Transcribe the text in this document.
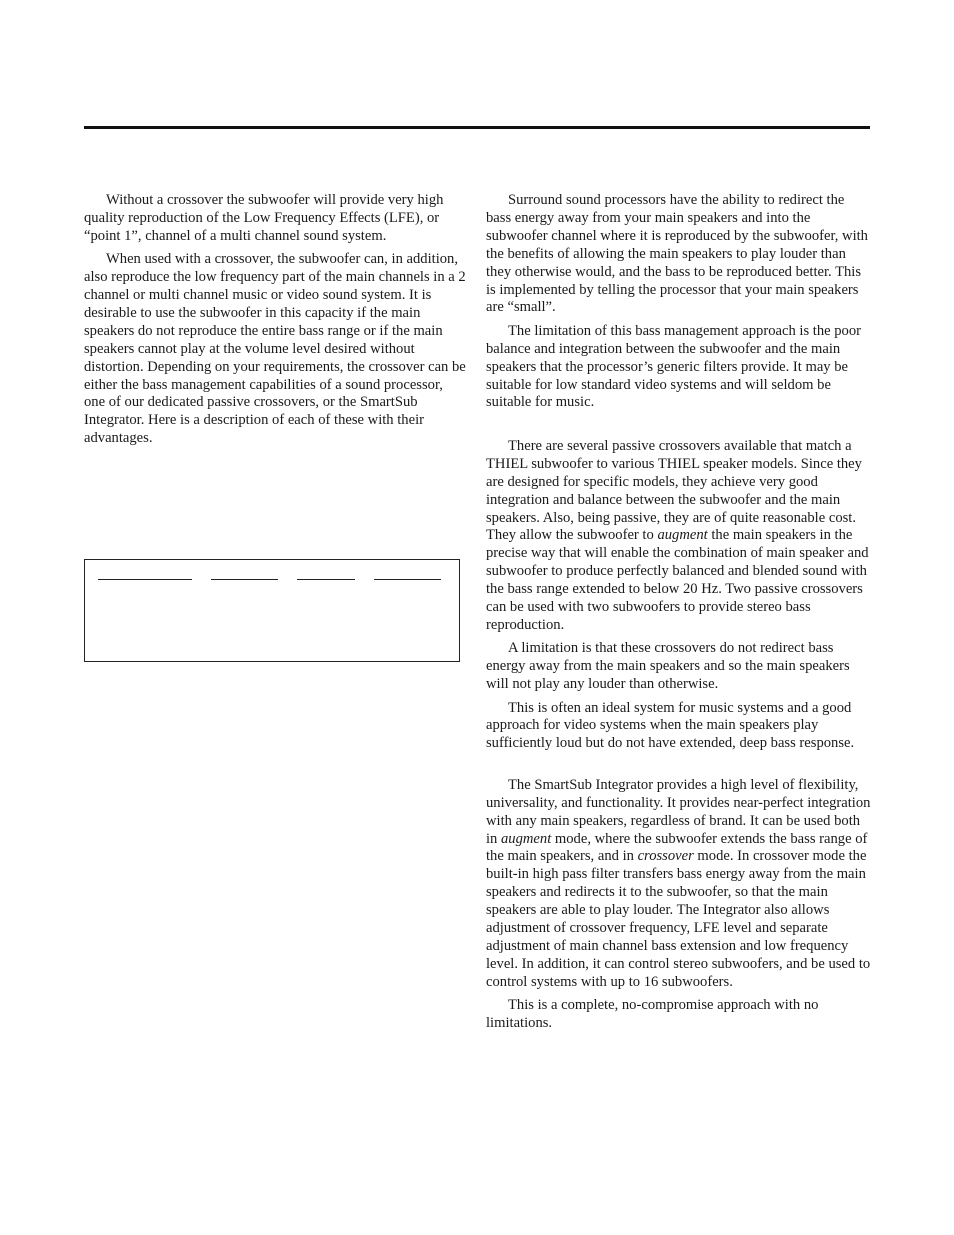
Without a crossover the subwoofer will provide very high quality reproduction of the Low Frequency Effects (LFE), or “point 1”, channel of a multi channel sound system.

When used with a crossover, the subwoofer can, in addition, also reproduce the low frequency part of the main channels in a 2 channel or multi channel music or video sound system. It is desirable to use the subwoofer in this capacity if the main speakers do not reproduce the entire bass range or if the main speakers cannot play at the volume level desired without distortion. Depending on your requirements, the crossover can be either the bass management capabilities of a sound processor, one of our dedicated passive crossovers, or the SmartSub Integrator. Here is a description of each of these with their advantages.

Surround sound processors have the ability to redirect the bass energy away from your main speakers and into the subwoofer channel where it is reproduced by the subwoofer, with the benefits of allowing the main speakers to play louder than they otherwise would, and the bass to be reproduced better. This is implemented by telling the processor that your main speakers are “small”.

The limitation of this bass management approach is the poor balance and integration between the subwoofer and the main speakers that the processor’s generic filters provide. It may be suitable for low standard video systems and will seldom be suitable for music.

There are several passive crossovers available that match a THIEL subwoofer to various THIEL speaker models. Since they are designed for specific models, they achieve very good integration and balance between the subwoofer and the main speakers. Also, being passive, they are of quite reasonable cost. They allow the subwoofer to augment the main speakers in the precise way that will enable the combination of main speaker and subwoofer to produce perfectly balanced and blended sound with the bass range extended to below 20 Hz. Two passive crossovers can be used with two subwoofers to provide stereo bass reproduction.

A limitation is that these crossovers do not redirect bass energy away from the main speakers and so the main speakers will not play any louder than otherwise.

This is often an ideal system for music systems and a good approach for video systems when the main speakers play sufficiently loud but do not have extended, deep bass response.

The SmartSub Integrator provides a high level of flexibility, universality, and functionality. It provides near-perfect integration with any main speakers, regardless of brand. It can be used both in augment mode, where the subwoofer extends the bass range of the main speakers, and in crossover mode. In crossover mode the built-in high pass filter transfers bass energy away from the main speakers and redirects it to the subwoofer, so that the main speakers are able to play louder. The Integrator also allows adjustment of crossover frequency, LFE level and separate adjustment of main channel bass extension and low frequency level. In addition, it can control stereo subwoofers, and be used to control systems with up to 16 subwoofers.

This is a complete, no-compromise approach with no limitations.
